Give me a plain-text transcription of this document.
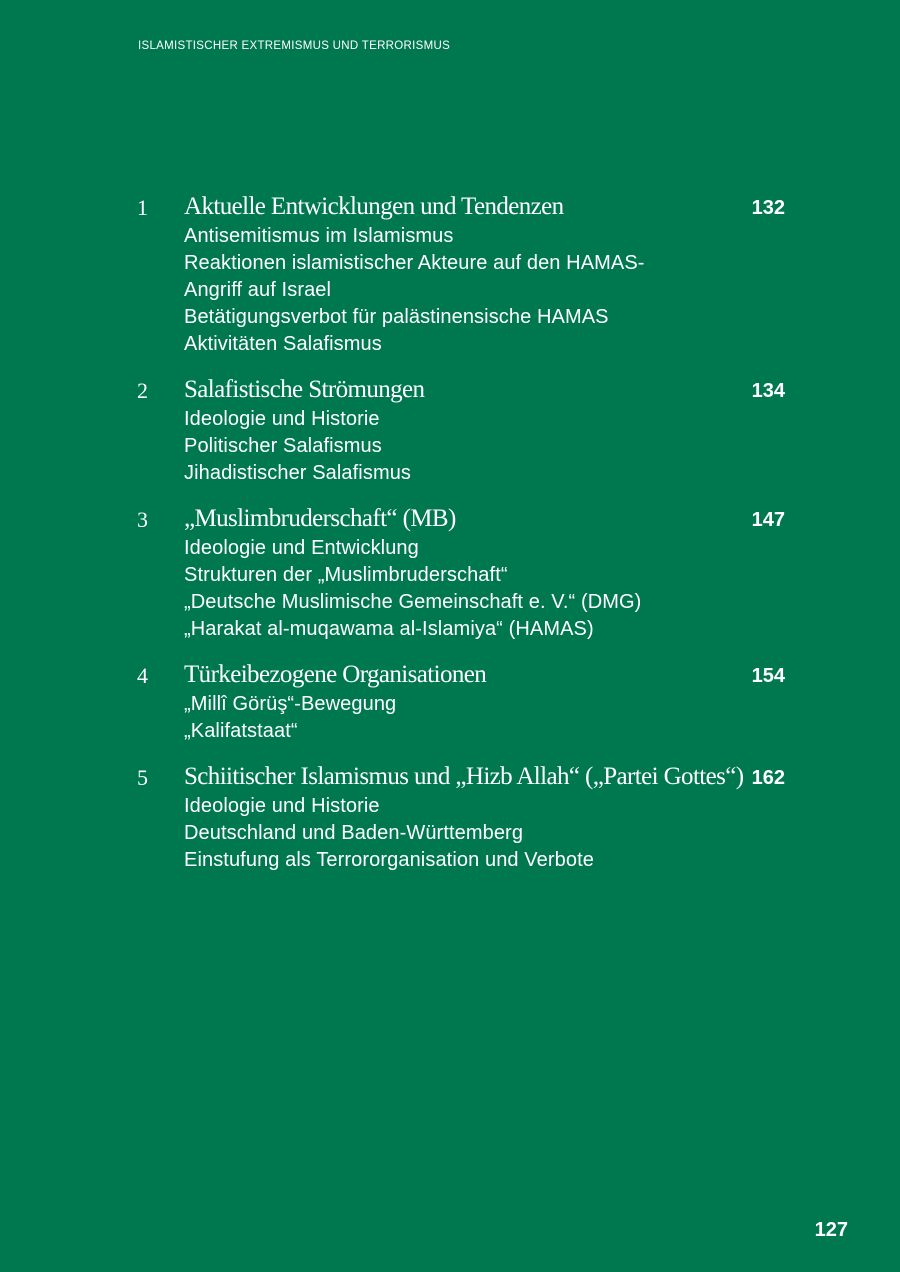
ISLAMISTISCHER EXTREMISMUS UND TERRORISMUS
1 Aktuelle Entwicklungen und Tendenzen	132
Antisemitismus im Islamismus
Reaktionen islamistischer Akteure auf den HAMAS-
Angriff auf Israel
Betätigungsverbot für palästinensische HAMAS
Aktivitäten Salafismus
2 Salafistische Strömungen	134
Ideologie und Historie
Politischer Salafismus
Jihadistischer Salafismus
3 „Muslimbruderschaft“ (MB)	147
Ideologie und Entwicklung
Strukturen der „Muslimbruderschaft“
„Deutsche Muslimische Gemeinschaft e. V.“ (DMG)
„Harakat al-muqawama al-Islamiya“ (HAMAS)
4 Türkeibezogene Organisationen	154
„Millî Görüş“-Bewegung
„Kalifatstaat“
5 Schiitischer Islamismus und „Hizb Allah“ („Partei Gottes“) 162
Ideologie und Historie
Deutschland und Baden-Württemberg
Einstufung als Terrororganisation und Verbote
127
